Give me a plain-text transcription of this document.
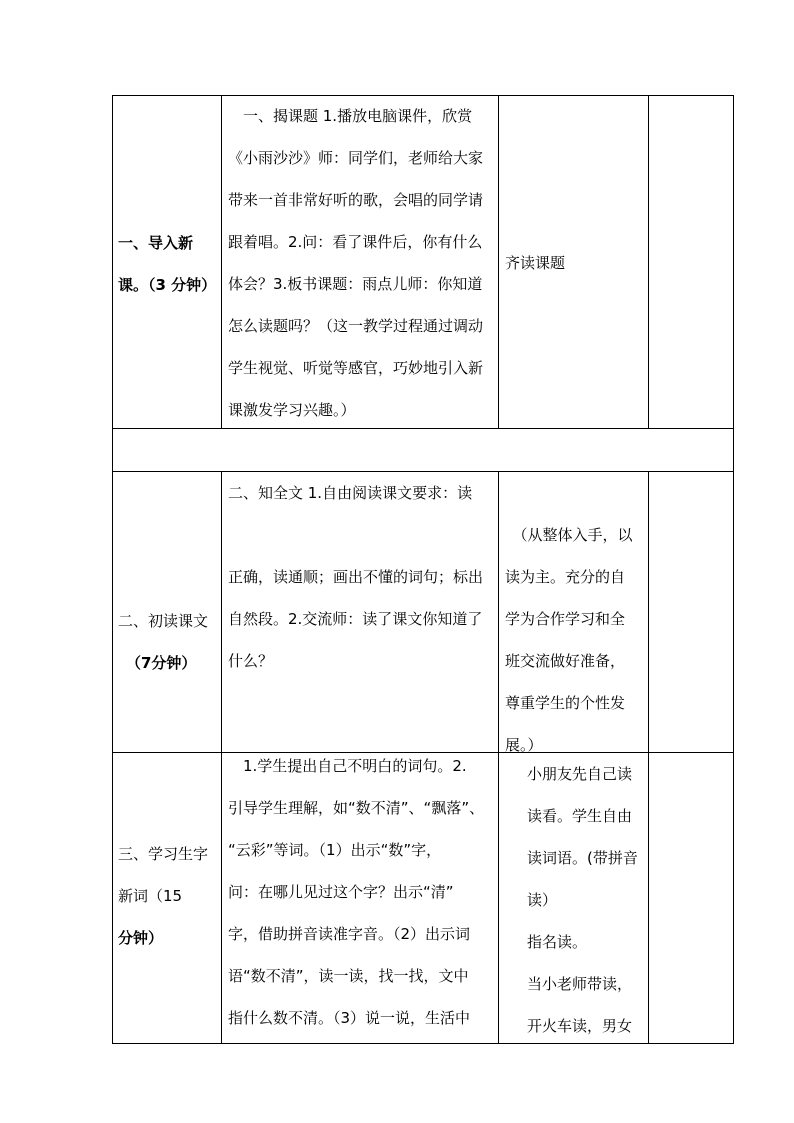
一、导入新

课。（3 分钟）

　一、揭课题 1.播放电脑课件，欣赏

《小雨沙沙》师：同学们，老师给大家

带来一首非常好听的歌，会唱的同学请

跟着唱。2.问：看了课件后，你有什么

体会？3.板书课题：雨点儿师：你知道

怎么读题吗？（这一教学过程通过调动

学生视觉、听觉等感官，巧妙地引入新

课激发学习兴趣。）

齐读课题

二、初读课文

（7分钟）

二、知全文 1.自由阅读课文要求：读

正确，读通顺；画出不懂的词句；标出

自然段。2.交流师：读了课文你知道了

什么？

　（从整体入手，以

读为主。充分的自

学为合作学习和全

班交流做好准备，

尊重学生的个性发

展。）

三、学习生字

新词（15

分钟）

　1.学生提出自己不明白的词句。2.

引导学生理解，如“数不清”、“飘落”、

“云彩”等词。（1）出示“数”字，

问：在哪儿见过这个字？出示“清”

字，借助拼音读准字音。（2）出示词

语“数不清”，读一读，找一找，文中

指什么数不清。（3）说一说，生活中

小朋友先自己读

读看。学生自由

读词语。(带拼音

读）

指名读。

当小老师带读，

开火车读，男女
